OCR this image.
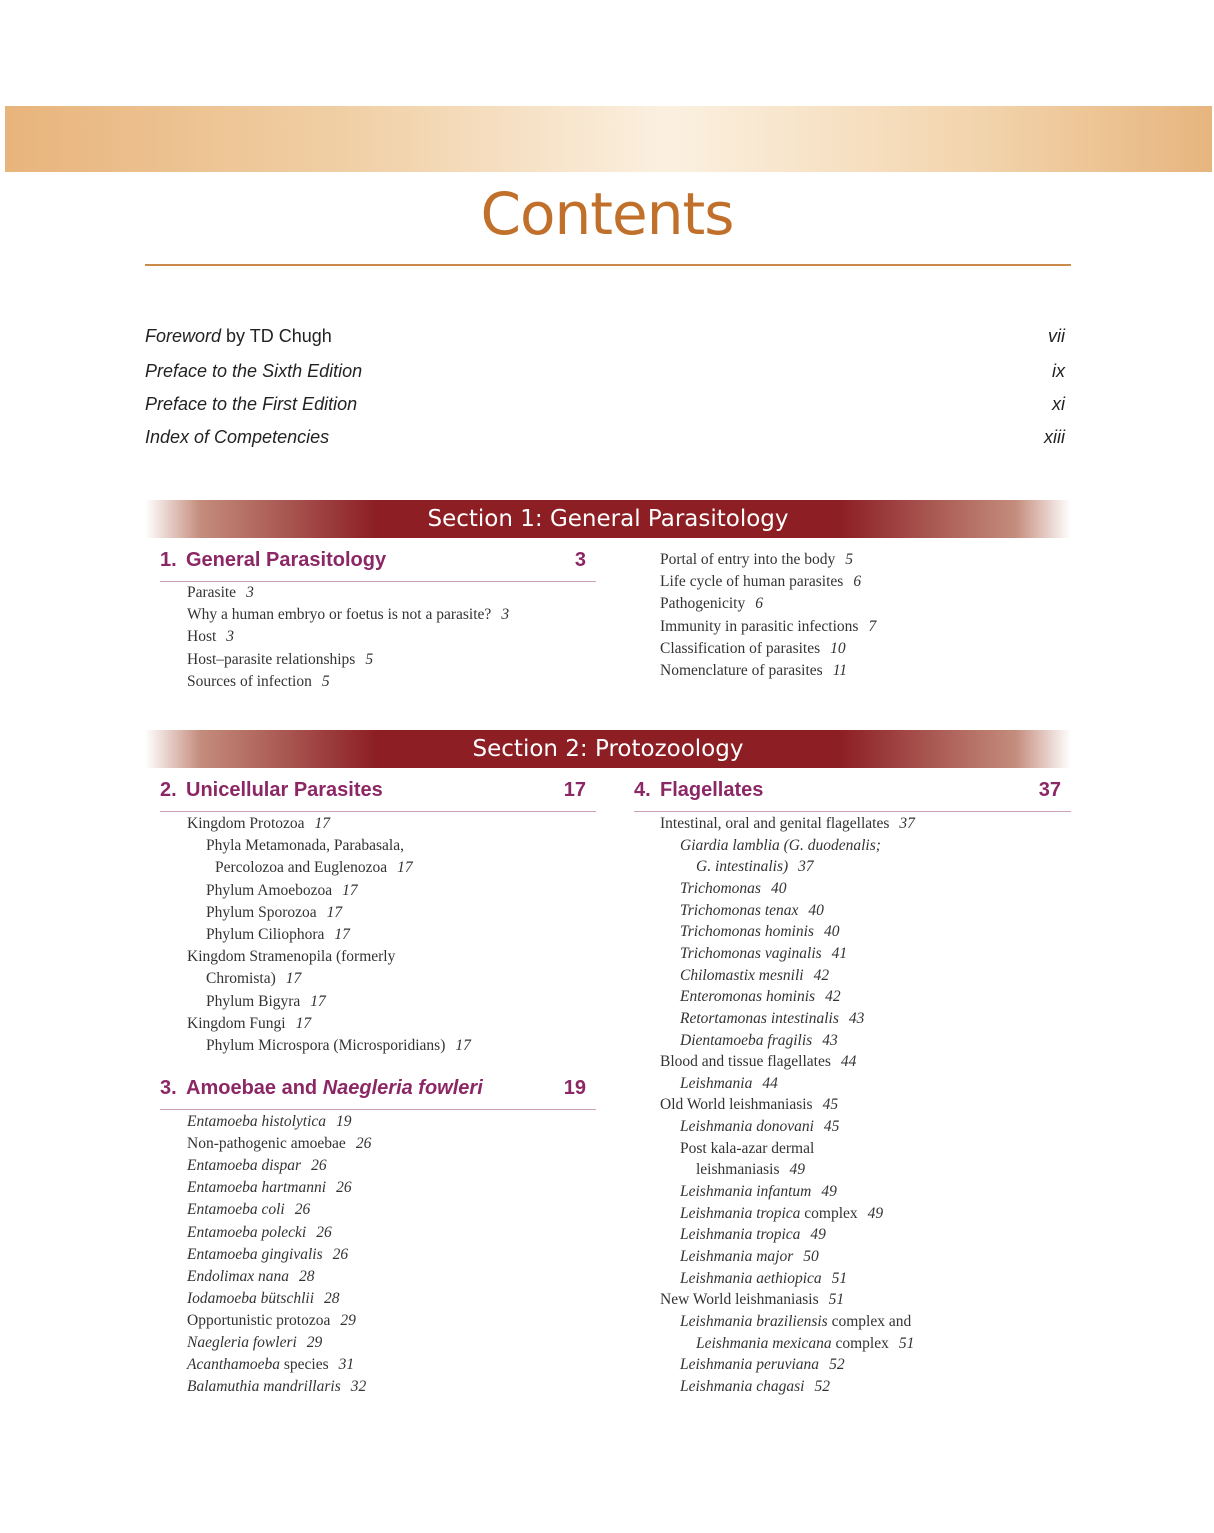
Contents
Foreword by TD Chugh	vii
Preface to the Sixth Edition	ix
Preface to the First Edition	xi
Index of Competencies	xiii
Section 1: General Parasitology
1. General Parasitology	3
Parasite 3
Why a human embryo or foetus is not a parasite? 3
Host 3
Host–parasite relationships 5
Sources of infection 5
Portal of entry into the body 5
Life cycle of human parasites 6
Pathogenicity 6
Immunity in parasitic infections 7
Classification of parasites 10
Nomenclature of parasites 11
Section 2: Protozoology
2. Unicellular Parasites	17
Kingdom Protozoa 17
Phyla Metamonada, Parabasala,
Percolozoa and Euglenozoa 17
Phylum Amoebozoa 17
Phylum Sporozoa 17
Phylum Ciliophora 17
Kingdom Stramenopila (formerly
Chromista) 17
Phylum Bigyra 17
Kingdom Fungi 17
Phylum Microspora (Microsporidians) 17
3. Amoebae and Naegleria fowleri	19
Entamoeba histolytica 19
Non-pathogenic amoebae 26
Entamoeba dispar 26
Entamoeba hartmanni 26
Entamoeba coli 26
Entamoeba polecki 26
Entamoeba gingivalis 26
Endolimax nana 28
Iodamoeba bütschlii 28
Opportunistic protozoa 29
Naegleria fowleri 29
Acanthamoeba species 31
Balamuthia mandrillaris 32
4. Flagellates	37
Intestinal, oral and genital flagellates 37
Giardia lamblia (G. duodenalis;
G. intestinalis) 37
Trichomonas 40
Trichomonas tenax 40
Trichomonas hominis 40
Trichomonas vaginalis 41
Chilomastix mesnili 42
Enteromonas hominis 42
Retortamonas intestinalis 43
Dientamoeba fragilis 43
Blood and tissue flagellates 44
Leishmania 44
Old World leishmaniasis 45
Leishmania donovani 45
Post kala-azar dermal
leishmaniasis 49
Leishmania infantum 49
Leishmania tropica complex 49
Leishmania tropica 49
Leishmania major 50
Leishmania aethiopica 51
New World leishmaniasis 51
Leishmania braziliensis complex and
Leishmania mexicana complex 51
Leishmania peruviana 52
Leishmania chagasi 52
